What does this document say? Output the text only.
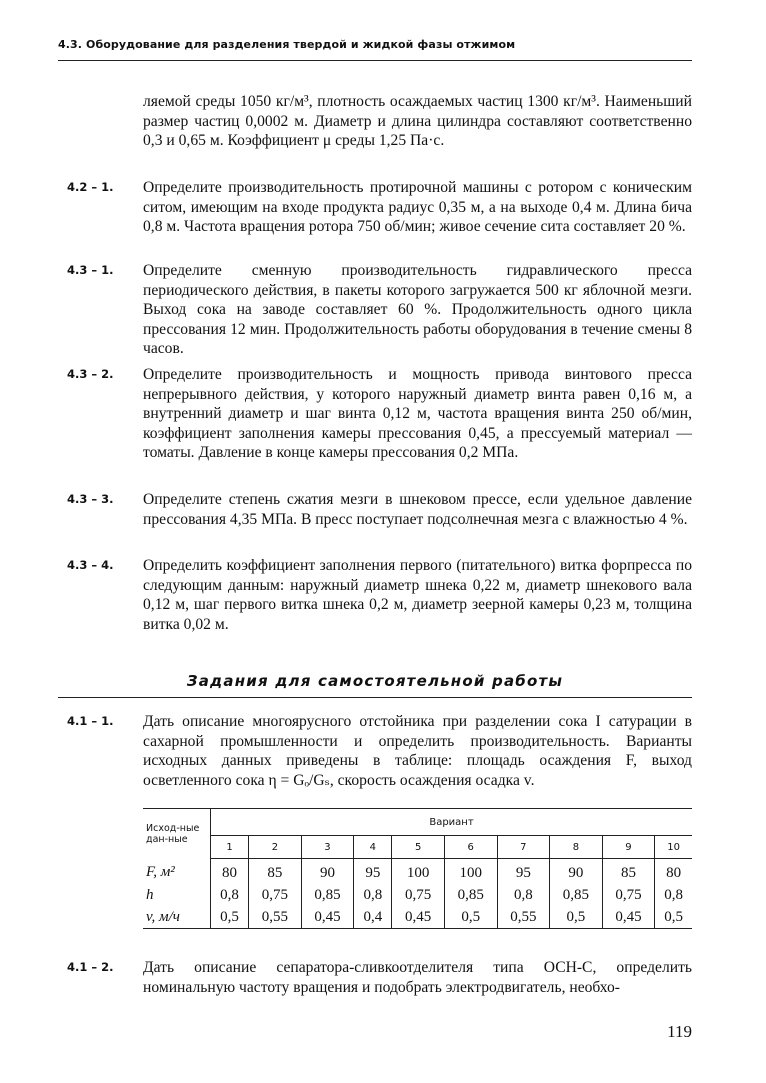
4.3. Оборудование для разделения твердой и жидкой фазы отжимом
ляемой среды 1050 кг/м³, плотность осаждаемых частиц 1300 кг/м³. Наименьший размер частиц 0,0002 м. Диаметр и длина цилиндра составляют соответственно 0,3 и 0,65 м. Коэффициент μ среды 1,25 Па·с.
4.2 – 1. Определите производительность протирочной машины с ротором с коническим ситом, имеющим на входе продукта радиус 0,35 м, а на выходе 0,4 м. Длина бича 0,8 м. Частота вращения ротора 750 об/мин; живое сечение сита составляет 20 %.
4.3 – 1. Определите сменную производительность гидравлического пресса периодического действия, в пакеты которого загружается 500 кг яблочной мезги. Выход сока на заводе составляет 60 %. Продолжительность одного цикла прессования 12 мин. Продолжительность работы оборудования в течение смены 8 часов.
4.3 – 2. Определите производительность и мощность привода винтового пресса непрерывного действия, у которого наружный диаметр винта равен 0,16 м, а внутренний диаметр и шаг винта 0,12 м, частота вращения винта 250 об/мин, коэффициент заполнения камеры прессования 0,45, а прессуемый материал — томаты. Давление в конце камеры прессования 0,2 МПа.
4.3 – 3. Определите степень сжатия мезги в шнековом прессе, если удельное давление прессования 4,35 МПа. В пресс поступает подсолнечная мезга с влажностью 4 %.
4.3 – 4. Определить коэффициент заполнения первого (питательного) витка форпресса по следующим данным: наружный диаметр шнека 0,22 м, диаметр шнекового вала 0,12 м, шаг первого витка шнека 0,2 м, диаметр зеерной камеры 0,23 м, толщина витка 0,02 м.
Задания для самостоятельной работы
4.1 – 1. Дать описание многоярусного отстойника при разделении сока I сатурации в сахарной промышленности и определить производительность. Варианты исходных данных приведены в таблице: площадь осаждения F, выход осветленного сока η = Gₒ/Gₛ, скорость осаждения осадка v.
Исход-ные дан-ные	Вариант									
	1	2	3	4	5	6	7	8	9	10
F, м²	80	85	90	95	100	100	95	90	85	80
h	0,8	0,75	0,85	0,8	0,75	0,85	0,8	0,85	0,75	0,8
v, м/ч	0,5	0,55	0,45	0,4	0,45	0,5	0,55	0,5	0,45	0,5
4.1 – 2. Дать описание сепаратора-сливкоотделителя типа ОСН-С, определить номинальную частоту вращения и подобрать электродвигатель, необхо-
119
